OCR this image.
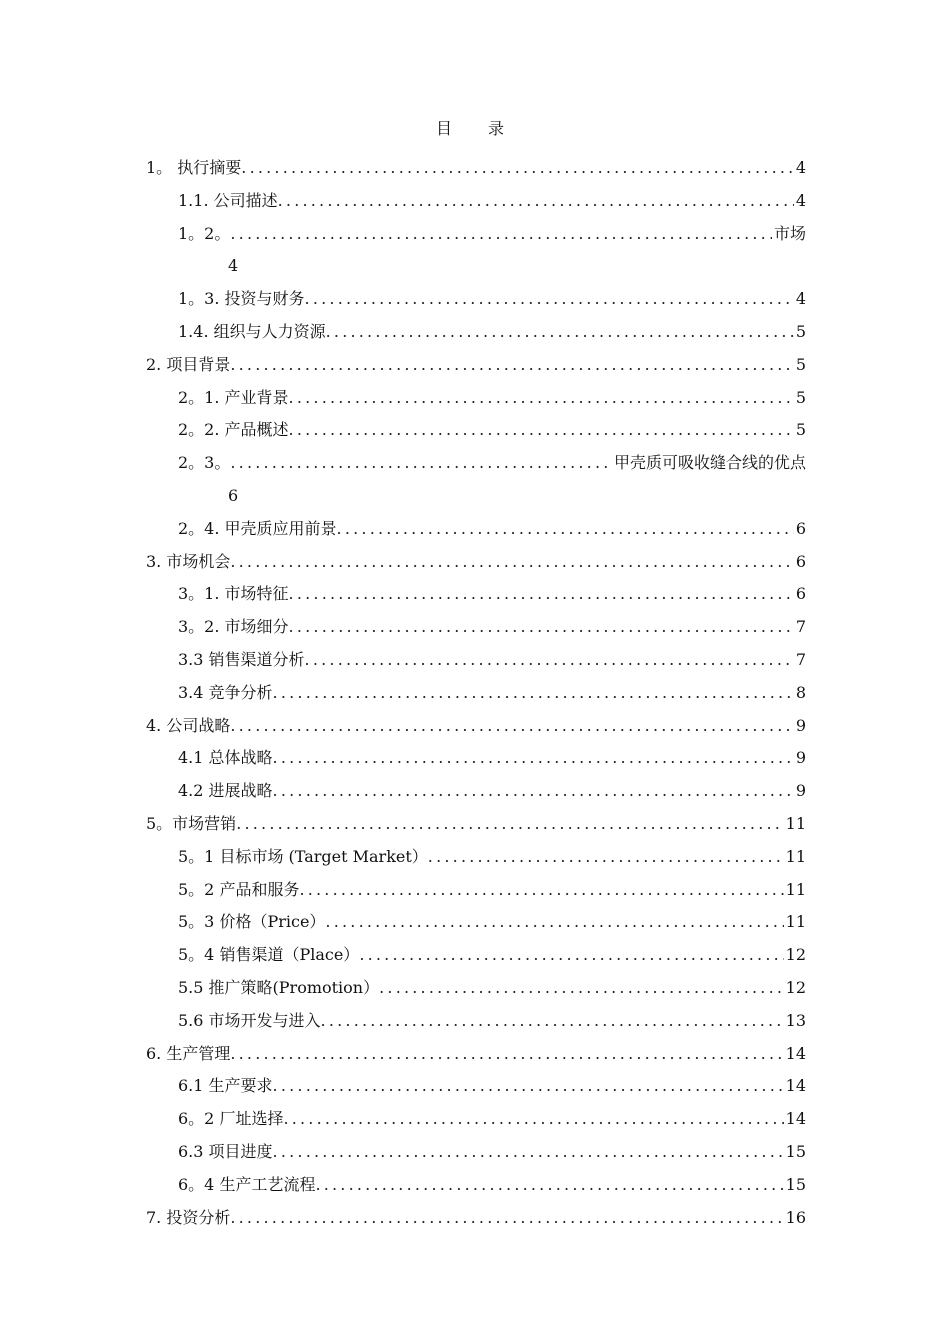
目　录
1。 执行摘要 .....	4
1.1. 公司描述 .....	4
1。2。 .....	市场
4
1。3. 投资与财务 .....	4
1.4. 组织与人力资源 .....	5
2. 项目背景 .....	5
2。1. 产业背景 .....	5
2。2. 产品概述 .....	5
2。3。 .....	甲壳质可吸收缝合线的优点
6
2。4. 甲壳质应用前景 .....	6
3. 市场机会 .....	6
3。1. 市场特征 .....	6
3。2. 市场细分 .....	7
3.3 销售渠道分析 .....	7
3.4 竞争分析 .....	8
4. 公司战略 .....	9
4.1 总体战略 .....	9
4.2 进展战略 .....	9
5。市场营销 .....	11
5。1 目标市场 (Target Market） .....	11
5。2 产品和服务 .....	11
5。3 价格（Price） .....	11
5。4 销售渠道（Place） .....	12
5.5 推广策略(Promotion） .....	12
5.6 市场开发与进入 .....	13
6. 生产管理 .....	14
6.1 生产要求 .....	14
6。2 厂址选择 .....	14
6.3 项目进度 .....	15
6。4 生产工艺流程 .....	15
7. 投资分析 .....	16
